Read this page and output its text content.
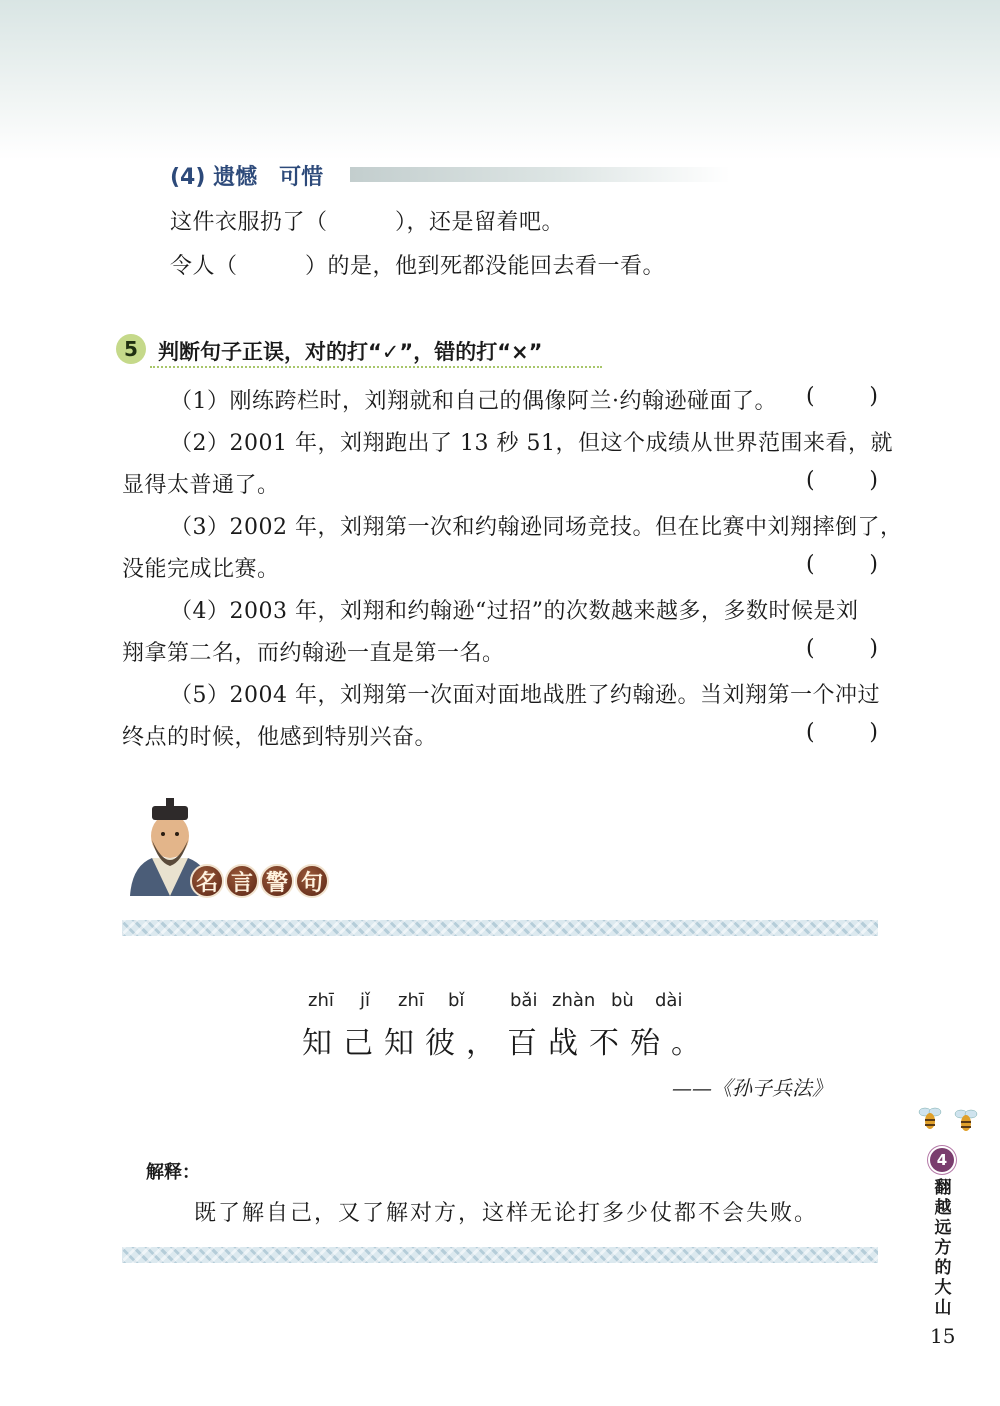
(4) 遗憾　可惜
这件衣服扔了（　　　），还是留着吧。
令人（　　　）的是，他到死都没能回去看一看。
5 判断句子正误，对的打“✓”，错的打“×”
（1）刚练跨栏时，刘翔就和自己的偶像阿兰·约翰逊碰面了。 ( )
（2）2001 年，刘翔跑出了 13 秒 51，但这个成绩从世界范围来看，就
显得太普通了。	( )
（3）2002 年，刘翔第一次和约翰逊同场竞技。但在比赛中刘翔摔倒了，
没能完成比赛。	( )
（4）2003 年，刘翔和约翰逊“过招”的次数越来越多，多数时候是刘
翔拿第二名，而约翰逊一直是第一名。	( )
（5）2004 年，刘翔第一次面对面地战胜了约翰逊。当刘翔第一个冲过
终点的时候，他感到特别兴奋。	( )
名 言 警 句
zhī jǐ zhī bǐ	bǎi zhàn bù dài
知己知彼，百战不殆。
——《孙子兵法》
解释：
既了解自己，又了解对方，这样无论打多少仗都不会失败。
4
翻越远方的大山
15
